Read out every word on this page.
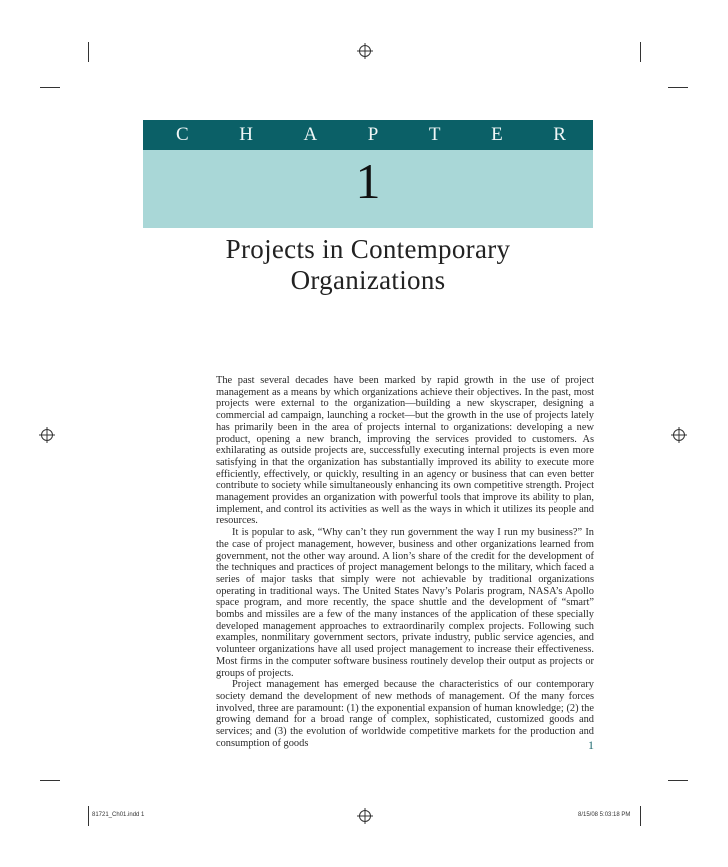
C	H	A	P	T	E	R
1
Projects in Contemporary
Organizations

The past several decades have been marked by rapid growth in the use of project management as a means by which organizations achieve their objectives. In the past, most projects were external to the organization—building a new skyscraper, designing a commercial ad campaign, launching a rocket—but the growth in the use of projects lately has primarily been in the area of projects internal to organizations: developing a new product, opening a new branch, improving the services provided to customers. As exhilarating as outside projects are, successfully executing internal projects is even more satisfying in that the organization has substantially improved its ability to execute more efficiently, effectively, or quickly, resulting in an agency or business that can even better contribute to society while simultaneously enhancing its own competitive strength. Project management provides an organization with powerful tools that improve its ability to plan, implement, and control its activities as well as the ways in which it utilizes its people and resources.

It is popular to ask, “Why can’t they run government the way I run my business?” In the case of project management, however, business and other organizations learned from government, not the other way around. A lion’s share of the credit for the development of the techniques and practices of project management belongs to the military, which faced a series of major tasks that simply were not achievable by traditional organizations operating in traditional ways. The United States Navy’s Polaris program, NASA’s Apollo space program, and more recently, the space shuttle and the development of “smart” bombs and missiles are a few of the many instances of the application of these specially developed management approaches to extraordinarily complex projects. Following such examples, nonmilitary government sectors, private industry, public service agencies, and volunteer organizations have all used project management to increase their effectiveness. Most firms in the computer software business routinely develop their output as projects or groups of projects.

Project management has emerged because the characteristics of our contemporary society demand the development of new methods of management. Of the many forces involved, three are paramount: (1) the exponential expansion of human knowledge; (2) the growing demand for a broad range of complex, sophisticated, customized goods and services; and (3) the evolution of worldwide competitive markets for the production and consumption of goods	1
81721_Ch01.indd 1	8/15/08 5:03:18 PM
